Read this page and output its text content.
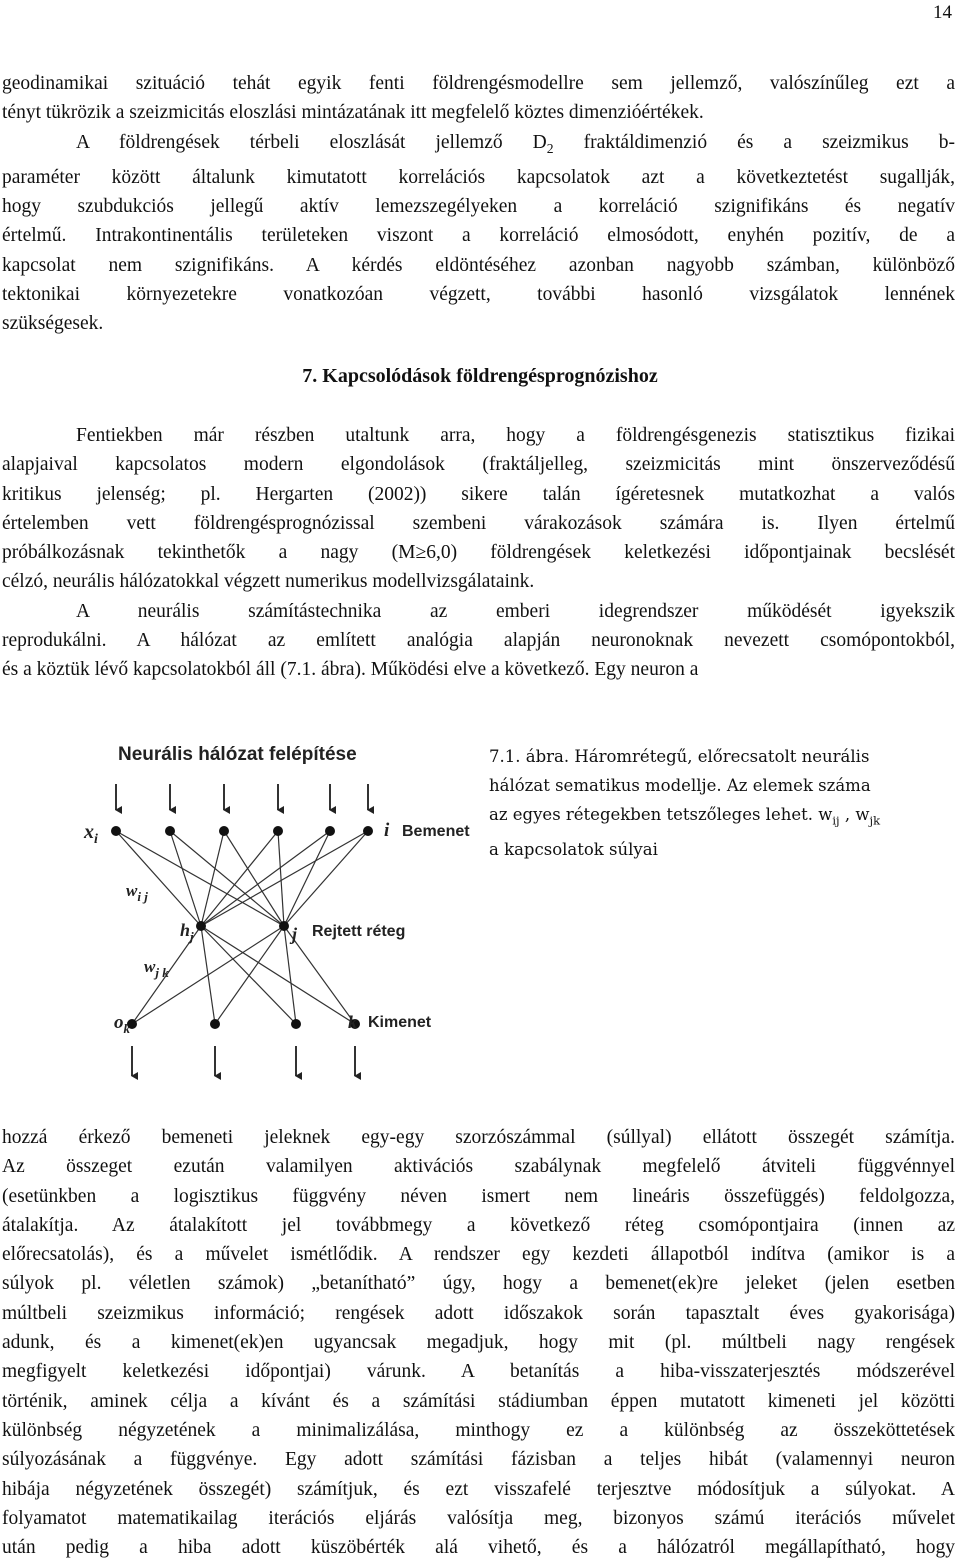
14
geodinamikai szituáció tehát egyik fenti földrengésmodellre sem jellemző, valószínűleg ezt a
tényt tükrözik a szeizmicitás eloszlási mintázatának itt megfelelő köztes dimenzióértékek.
A földrengések térbeli eloszlását jellemző $D_2$ fraktáldimenzió és a szeizmikus b-
paraméter között általunk kimutatott korrelációs kapcsolatok azt a következtetést sugallják,
hogy szubdukciós jellegű aktív lemezszegélyeken a korreláció szignifikáns és negatív
értelmű. Intrakontinentális területeken viszont a korreláció elmosódott, enyhén pozitív, de a
kapcsolat nem szignifikáns. A kérdés eldöntéséhez azonban nagyobb számban, különböző
tektonikai környezetekre vonatkozóan végzett, további hasonló vizsgálatok lennének
szükségesek.
7. Kapcsolódások földrengésprognózishoz
Fentiekben már részben utaltunk arra, hogy a földrengésgenezis statisztikus fizikai
alapjaival kapcsolatos modern elgondolások (fraktáljelleg, szeizmicitás mint önszerveződésű
kritikus jelenség; pl. Hergarten (2002)) sikere talán ígéretesnek mutatkozhat a valós
értelemben vett földrengésprognózissal szembeni várakozások számára is. Ilyen értelmű
próbálkozásnak tekinthetők a nagy (M≥6,0) földrengések keletkezési időpontjainak becslését
célzó, neurális hálózatokkal végzett numerikus modellvizsgálataink.
A neurális számítástechnika az emberi idegrendszer működését igyekszik
reprodukálni. A hálózat az említett analógia alapján neuronoknak nevezett csomópontokból,
és a köztük lévő kapcsolatokból áll (7.1. ábra). Működési elve a következő. Egy neuron a
Neurális hálózat felépítése
$x_i$	i Bemenet
$w_{i j}$
$h_j$	j Rejtett réteg
$w_{j k}$
$o_k$	k Kimenet
7.1. ábra. Háromrétegű, előrecsatolt neurális
hálózat sematikus modellje. Az elemek száma
az egyes rétegekben tetszőleges lehet. $w_{ij}$ , $w_{jk}$
a kapcsolatok súlyai
hozzá érkező bemeneti jeleknek egy-egy szorzószámmal (súllyal) ellátott összegét számítja.
Az összeget ezután valamilyen aktivációs szabálynak megfelelő átviteli függvénnyel
(esetünkben a logisztikus függvény néven ismert nem lineáris összefüggés) feldolgozza,
átalakítja. Az átalakított jel továbbmegy a következő réteg csomópontjaira (innen az
előrecsatolás), és a művelet ismétlődik. A rendszer egy kezdeti állapotból indítva (amikor is a
súlyok pl. véletlen számok) „betanítható” úgy, hogy a bemenet(ek)re jeleket (jelen esetben
múltbeli szeizmikus információ; rengések adott időszakok során tapasztalt éves gyakorisága)
adunk, és a kimenet(ek)en ugyancsak megadjuk, hogy mit (pl. múltbeli nagy rengések
megfigyelt keletkezési időpontjai) várunk. A betanítás a hiba-visszaterjesztés módszerével
történik, aminek célja a kívánt és a számítási stádiumban éppen mutatott kimeneti jel közötti
különbség négyzetének a minimalizálása, minthogy ez a különbség az összeköttetések
súlyozásának a függvénye. Egy adott számítási fázisban a teljes hibát (valamennyi neuron
hibája négyzetének összegét) számítjuk, és ezt visszafelé terjesztve módosítjuk a súlyokat. A
folyamatot matematikailag iterációs eljárás valósítja meg, bizonyos számú iterációs művelet
után pedig a hiba adott küszöbérték alá vihető, és a hálózatról megállapítható, hogy
